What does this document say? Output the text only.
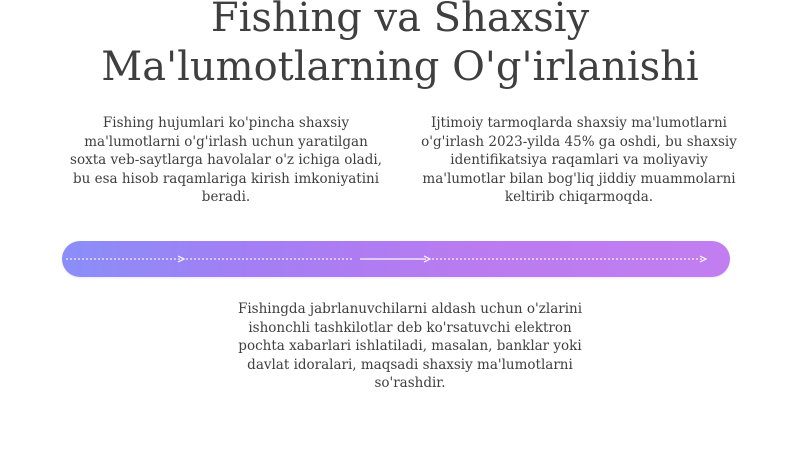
Fishing va Shaxsiy
Ma'lumotlarning O'g'irlanishi

Fishing hujumlari ko'pincha shaxsiy ma'lumotlarni o'g'irlash uchun yaratilgan soxta veb-saytlarga havolalar o'z ichiga oladi, bu esa hisob raqamlariga kirish imkoniyatini beradi.

Ijtimoiy tarmoqlarda shaxsiy ma'lumotlarni o'g'irlash 2023-yilda 45% ga oshdi, bu shaxsiy identifikatsiya raqamlari va moliyaviy ma'lumotlar bilan bog'liq jiddiy muammolarni keltirib chiqarmoqda.

Fishingda jabrlanuvchilarni aldash uchun o'zlarini ishonchli tashkilotlar deb ko'rsatuvchi elektron pochta xabarlari ishlatiladi, masalan, banklar yoki davlat idoralari, maqsadi shaxsiy ma'lumotlarni so'rashdir.
